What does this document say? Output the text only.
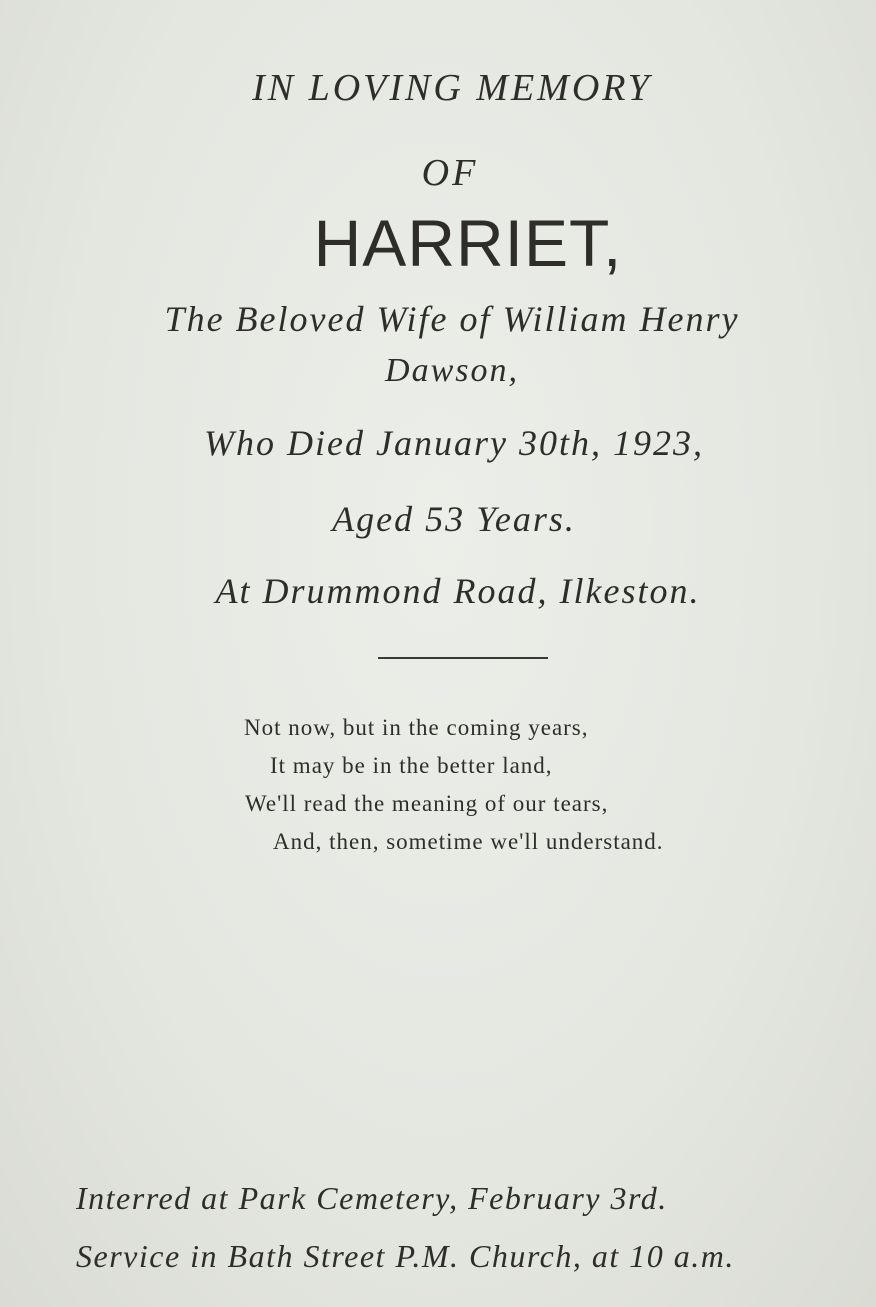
IN LOVING MEMORY

OF

HARRIET,

The Beloved Wife of William Henry

Dawson,

Who Died January 30th, 1923,

Aged 53 Years.

At Drummond Road, Ilkeston.

Not now, but in the coming years,
It may be in the better land,
We'll read the meaning of our tears,
And, then, sometime we'll understand.

Interred at Park Cemetery, February 3rd.

Service in Bath Street P.M. Church, at 10 a.m.
